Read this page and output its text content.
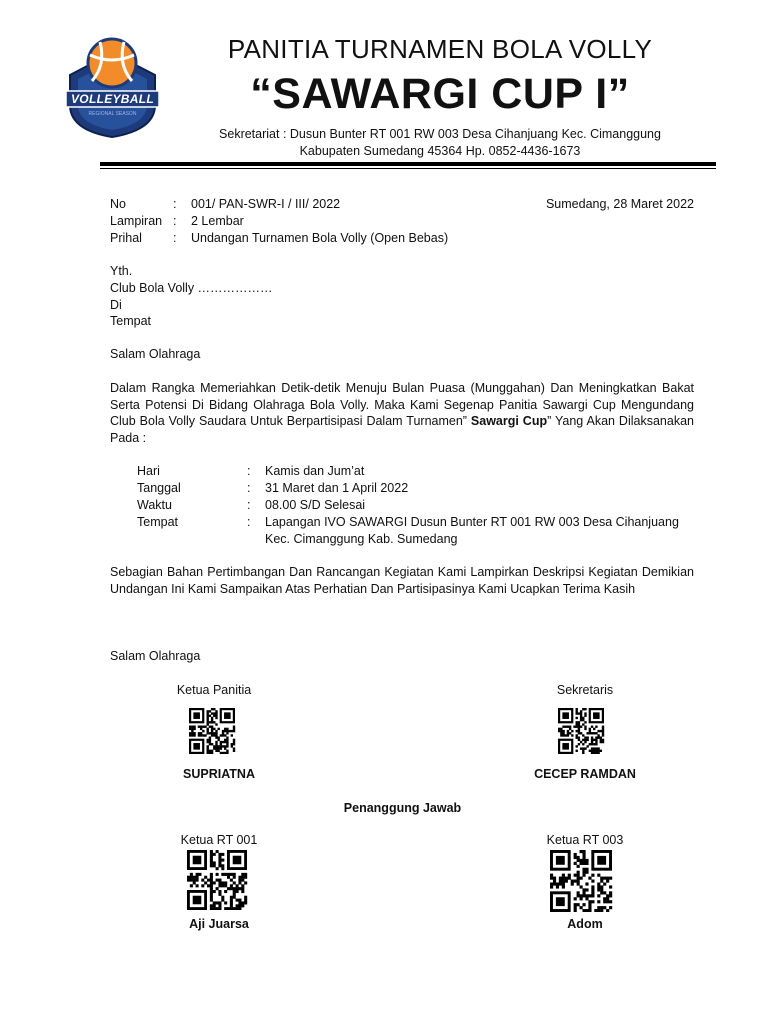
VOLLEYBALL
REGIONAL SEASON
PANITIA TURNAMEN BOLA VOLLY
“SAWARGI CUP I”
Sekretariat : Dusun Bunter RT 001 RW 003 Desa Cihanjuang Kec. Cimanggung
Kabupaten Sumedang 45364 Hp. 0852-4436-1673
No	: 001/ PAN-SWR-I / III/ 2022	Sumedang, 28 Maret 2022
Lampiran : 2 Lembar
Prihal : Undangan Turnamen Bola Volly (Open Bebas)
Yth.
Club Bola Volly ………………
Di
Tempat
Salam Olahraga
Dalam Rangka Memeriahkan Detik-detik Menuju Bulan Puasa (Munggahan) Dan Meningkatkan Bakat Serta Potensi Di Bidang Olahraga Bola Volly. Maka Kami Segenap Panitia Sawargi Cup Mengundang Club Bola Volly Saudara Untuk Berpartisipasi Dalam Turnamen” Sawargi Cup” Yang Akan Dilaksanakan Pada :
Hari	: Kamis dan Jum’at
Tanggal	: 31 Maret dan 1 April 2022
Waktu	: 08.00 S/D Selesai
Tempat	: Lapangan IVO SAWARGI Dusun Bunter RT 001 RW 003 Desa Cihanjuang Kec. Cimanggung Kab. Sumedang
Sebagian Bahan Pertimbangan Dan Rancangan Kegiatan Kami Lampirkan Deskripsi Kegiatan Demikian Undangan Ini Kami Sampaikan Atas Perhatian Dan Partisipasinya Kami Ucapkan Terima Kasih
Salam Olahraga
Ketua Panitia	Sekretaris
SUPRIATNA	CECEP RAMDAN
Penanggung Jawab
Ketua RT 001	Ketua RT 003
Aji Juarsa	Adom
